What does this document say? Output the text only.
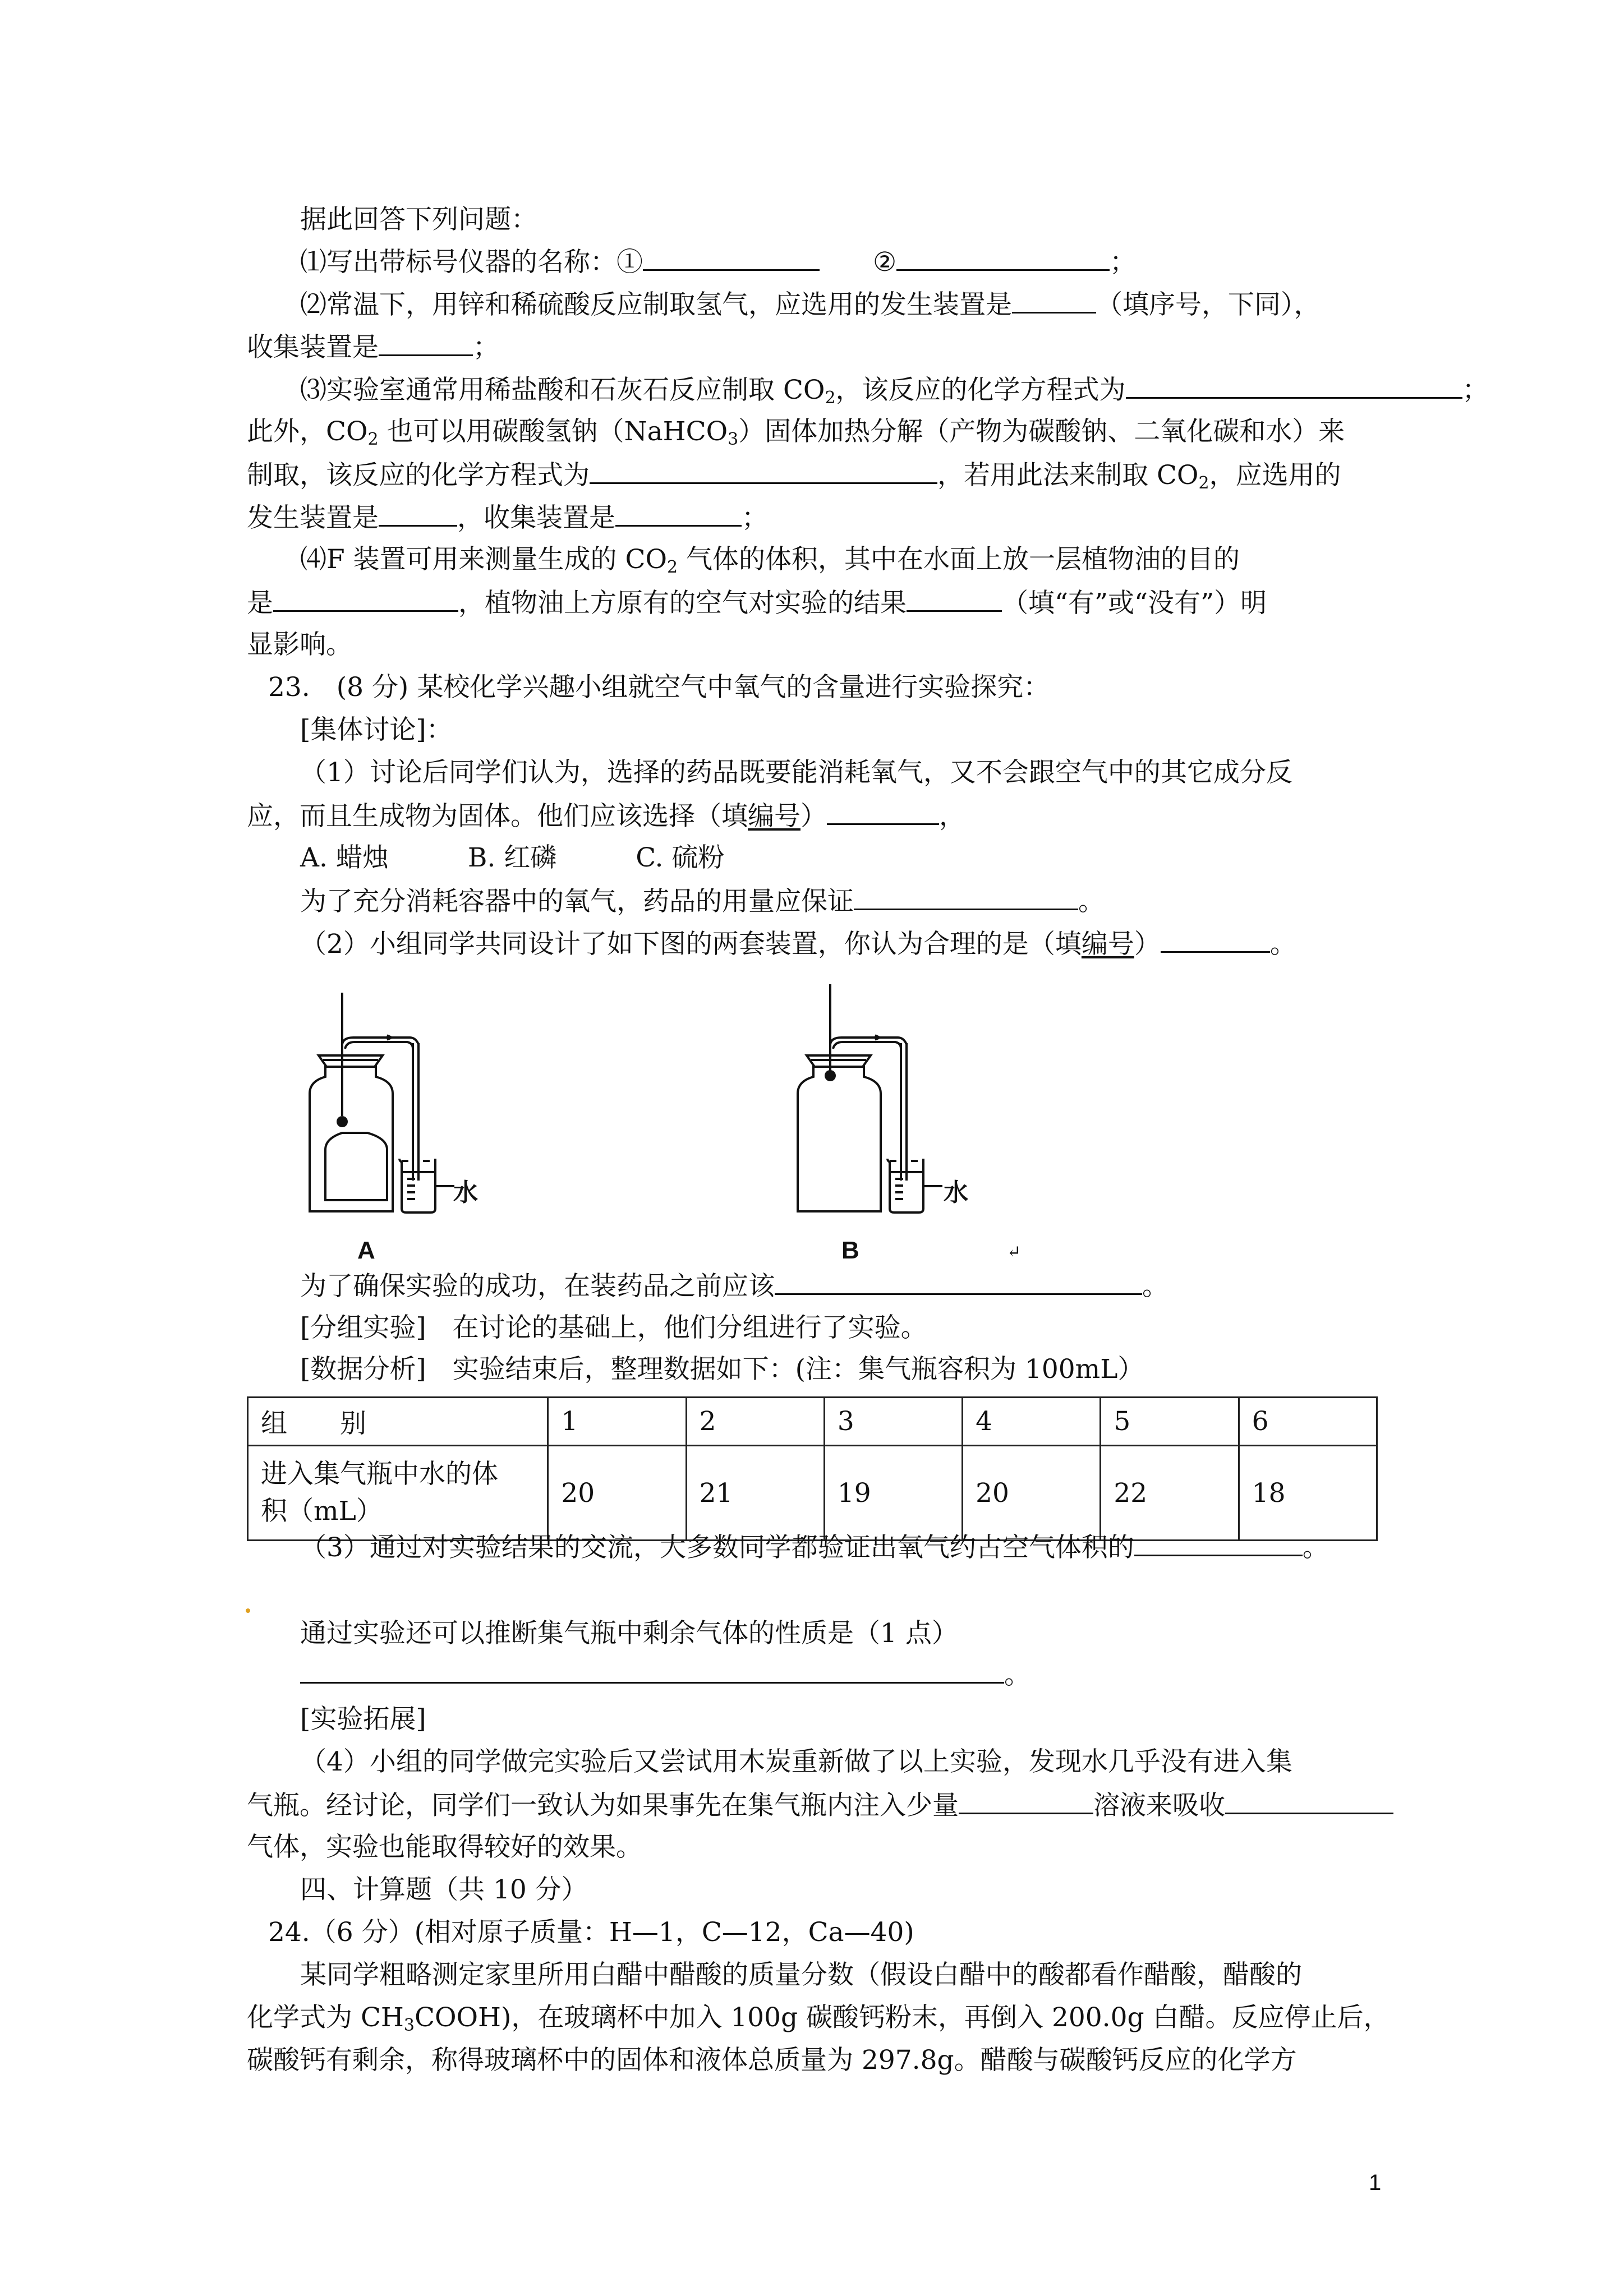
据此回答下列问题：
⑴写出带标号仪器的名称：①	②	；
⑵常温下，用锌和稀硫酸反应制取氢气，应选用的发生装置是	（填序号，下同），
收集装置是	；
⑶实验室通常用稀盐酸和石灰石反应制取 $CO_2$，该反应的化学方程式为	；
此外，$CO_2$ 也可以用碳酸氢钠（NaHCO$_3$）固体加热分解（产物为碳酸钠、二氧化碳和水）来
制取，该反应的化学方程式为	，若用此法来制取 $CO_2$，应选用的
发生装置是	，收集装置是	；
⑷F 装置可用来测量生成的 $CO_2$ 气体的体积，其中在水面上放一层植物油的目的
是	，植物油上方原有的空气对实验的结果	（填“有”或“没有”）明
显影响。
23.　(8 分) 某校化学兴趣小组就空气中氧气的含量进行实验探究：
[集体讨论]：
（1）讨论后同学们认为，选择的药品既要能消耗氧气，又不会跟空气中的其它成分反
应，而且生成物为固体。他们应该选择（填编号）	，
A. 蜡烛　　　B. 红磷　　　C. 硫粉
为了充分消耗容器中的氧气，药品的用量应保证	。
（2）小组同学共同设计了如下图的两套装置，你认为合理的是（填编号）	。
水
A
水
B	↵
为了确保实验的成功，在装药品之前应该	。
[分组实验]　在讨论的基础上，他们分组进行了实验。
[数据分析]　实验结束后，整理数据如下：(注：集气瓶容积为 100mL）
组　　别	1	2	3	4	5	6
进入集气瓶中水的体
积（mL）	20	21	19	20	22	18
（3）通过对实验结果的交流，大多数同学都验证出氧气约占空气体积的	。
通过实验还可以推断集气瓶中剩余气体的性质是（1 点）
。
[实验拓展]
（4）小组的同学做完实验后又尝试用木炭重新做了以上实验，发现水几乎没有进入集
气瓶。经讨论，同学们一致认为如果事先在集气瓶内注入少量	溶液来吸收
气体，实验也能取得较好的效果。
四、计算题（共 10 分）
24.（6 分）(相对原子质量：H—1，C—12，Ca—40)
某同学粗略测定家里所用白醋中醋酸的质量分数（假设白醋中的酸都看作醋酸，醋酸的
化学式为 $CH_3COOH$)，在玻璃杯中加入 100g 碳酸钙粉末，再倒入 200.0g 白醋。反应停止后，
碳酸钙有剩余，称得玻璃杯中的固体和液体总质量为 297.8g。醋酸与碳酸钙反应的化学方
1
